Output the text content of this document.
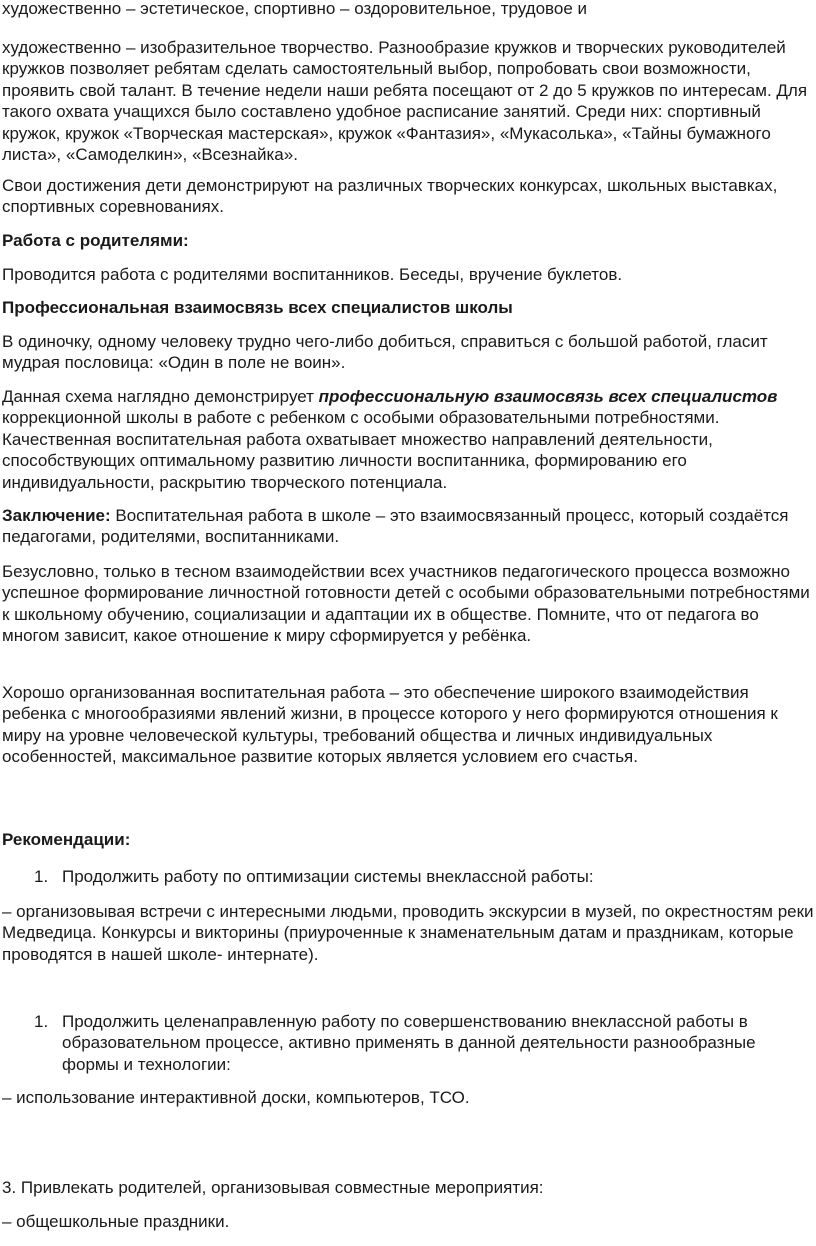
художественно – эстетическое, спортивно – оздоровительное, трудовое и

художественно – изобразительное творчество. Разнообразие кружков и творческих руководителей кружков позволяет ребятам сделать самостоятельный выбор, попробовать свои возможности, проявить свой талант. В течение недели наши ребята посещают от 2 до 5 кружков по интересам. Для такого охвата учащихся было составлено удобное расписание занятий. Среди них: спортивный кружок, кружок «Творческая мастерская», кружок «Фантазия», «Мукасолька», «Тайны бумажного листа», «Самоделкин», «Всезнайка».

Свои достижения дети демонстрируют на различных творческих конкурсах, школьных выставках, спортивных соревнованиях.

Работа с родителями:

Проводится работа с родителями воспитанников. Беседы, вручение буклетов.

Профессиональная взаимосвязь всех специалистов школы

В одиночку, одному человеку трудно чего-либо добиться, справиться с большой работой, гласит мудрая пословица: «Один в поле не воин».

Данная схема наглядно демонстрирует профессиональную взаимосвязь всех специалистов коррекционной школы в работе с ребенком с особыми образовательными потребностями. Качественная воспитательная работа охватывает множество направлений деятельности, способствующих оптимальному развитию личности воспитанника, формированию его индивидуальности, раскрытию творческого потенциала.

Заключение: Воспитательная работа в школе – это взаимосвязанный процесс, который создаётся педагогами, родителями, воспитанниками.

Безусловно, только в тесном взаимодействии всех участников педагогического процесса возможно успешное формирование личностной готовности детей с особыми образовательными потребностями к школьному обучению, социализации и адаптации их в обществе. Помните, что от педагога во многом зависит, какое отношение к миру сформируется у ребёнка.

Хорошо организованная воспитательная работа – это обеспечение широкого взаимодействия ребенка с многообразиями явлений жизни, в процессе которого у него формируются отношения к миру на уровне человеческой культуры, требований общества и личных индивидуальных особенностей, максимальное развитие которых является условием его счастья.

Рекомендации:

1. Продолжить работу по оптимизации системы внеклассной работы:

– организовывая встречи с интересными людьми, проводить экскурсии в музей, по окрестностям реки Медведица. Конкурсы и викторины (приуроченные к знаменательным датам и праздникам, которые проводятся в нашей школе- интернате).

1. Продолжить целенаправленную работу по совершенствованию внеклассной работы в образовательном процессе, активно применять в данной деятельности разнообразные формы и технологии:

– использование интерактивной доски, компьютеров, ТСО.

3. Привлекать родителей, организовывая совместные мероприятия:

– общешкольные праздники.
